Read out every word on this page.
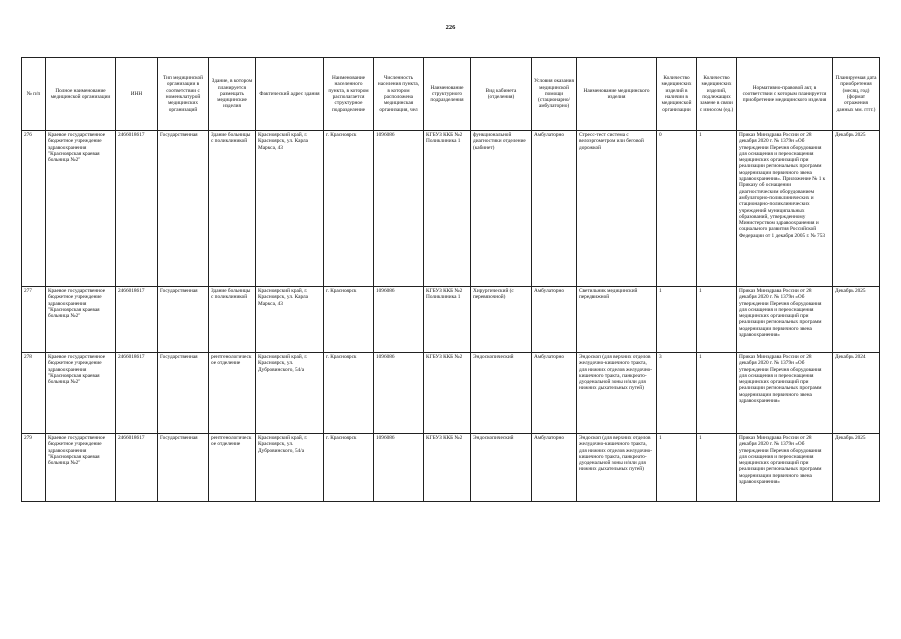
226
№ п/п	Полное наименование медицинской организации	ИНН	Тип медицинской организации в соответствии с номенклатурой медицинских организаций	Здание, в котором планируется размещать медицинские изделия	Фактический адрес здания	Наименование населенного пункта, в котором располагается структурное подразделение	Численность населения пункта, в котором расположена медицинская организация, чел	Наименование структурного подразделения	Вид кабинета (отделения)	Условия оказания медицинской помощи (стационарно/ амбулаторно)	Наименование медицинского изделия	Количество медицинских изделий в наличии в медицинской организации	Количество медицинских изделий, подлежащих замене в связи с износом (ед.)	Нормативно-правовой акт, в соответствии с которым планируется приобретение медицинского изделия	Планируемая дата приобретения (месяц, год) (формат отражения данных мм. гггг.)
276	Краевое государственное бюджетное учреждение здравоохранения "Красноярская краевая больница №2"	2466018617	Государственная	Здание больницы с поликлиникой	Красноярский край, г. Красноярск, ул. Карла Маркса, 43	г. Красноярск	1096086	КГБУЗ ККБ №2 Поликлиника 1	функциональной диагностики отделение (кабинет)	Амбулаторно	Стресс-тест система с велоэргометром или беговой дорожкой	0	1	Приказ Минздрава России от 28 декабря 2020 г. № 1379н «Об утверждении Перечня оборудования для оснащения и переоснащения медицинских организаций при реализации региональных программ модернизации первичного звена здравоохранения». Приложение № 1 к Приказу об оснащении диагностическим оборудованием амбулаторно-поликлинических и стационарно-поликлинических учреждений муниципальных образований, утвержденному Министерством здравоохранения и социального развития Российской Федерации от 1 декабря 2005 г. № 753	Декабрь 2025
277	Краевое государственное бюджетное учреждение здравоохранения "Красноярская краевая больница №2"	2466018617	Государственная	Здание больницы с поликлиникой	Красноярский край, г. Красноярск, ул. Карла Маркса, 43	г. Красноярск	1096086	КГБУЗ ККБ №2 Поликлиника 1	Хирургический (с перевязочной)	Амбулаторно	Светильник медицинский передвижной	1	1	Приказ Минздрава России от 28 декабря 2020 г. № 1379н «Об утверждении Перечня оборудования для оснащения и переоснащения медицинских организаций при реализации региональных программ модернизации первичного звена здравоохранения»	Декабрь 2025
278	Краевое государственное бюджетное учреждение здравоохранения "Красноярская краевая больница №2"	2466018617	Государственная	рентгенологическое отделение	Красноярский край, г. Красноярск, ул. Дубровинского, 54/а	г. Красноярск	1096086	КГБУЗ ККБ №2	Эндоскопический	Амбулаторно	Эндоскоп (для верхних отделов желудочно-кишечного тракта, для нижних отделов желудочно-кишечного тракта, панкреато-дуоденальной зоны и/или для нижних дыхательных путей)	3	1	Приказ Минздрава России от 28 декабря 2020 г. № 1379н «Об утверждении Перечня оборудования для оснащения и переоснащения медицинских организаций при реализации региональных программ модернизации первичного звена здравоохранения»	Декабрь 2024
279	Краевое государственное бюджетное учреждение здравоохранения "Красноярская краевая больница №2"	2466018617	Государственная	рентгенологическое отделение	Красноярский край, г. Красноярск, ул. Дубровинского, 54/а	г. Красноярск	1096086	КГБУЗ ККБ №2	Эндоскопический	Амбулаторно	Эндоскоп (для верхних отделов желудочно-кишечного тракта, для нижних отделов желудочно-кишечного тракта, панкреато-дуоденальной зоны и/или для нижних дыхательных путей)	1	1	Приказ Минздрава России от 28 декабря 2020 г. № 1379н «Об утверждении Перечня оборудования для оснащения и переоснащения медицинских организаций при реализации региональных программ модернизации первичного звена здравоохранения»	Декабрь 2025
